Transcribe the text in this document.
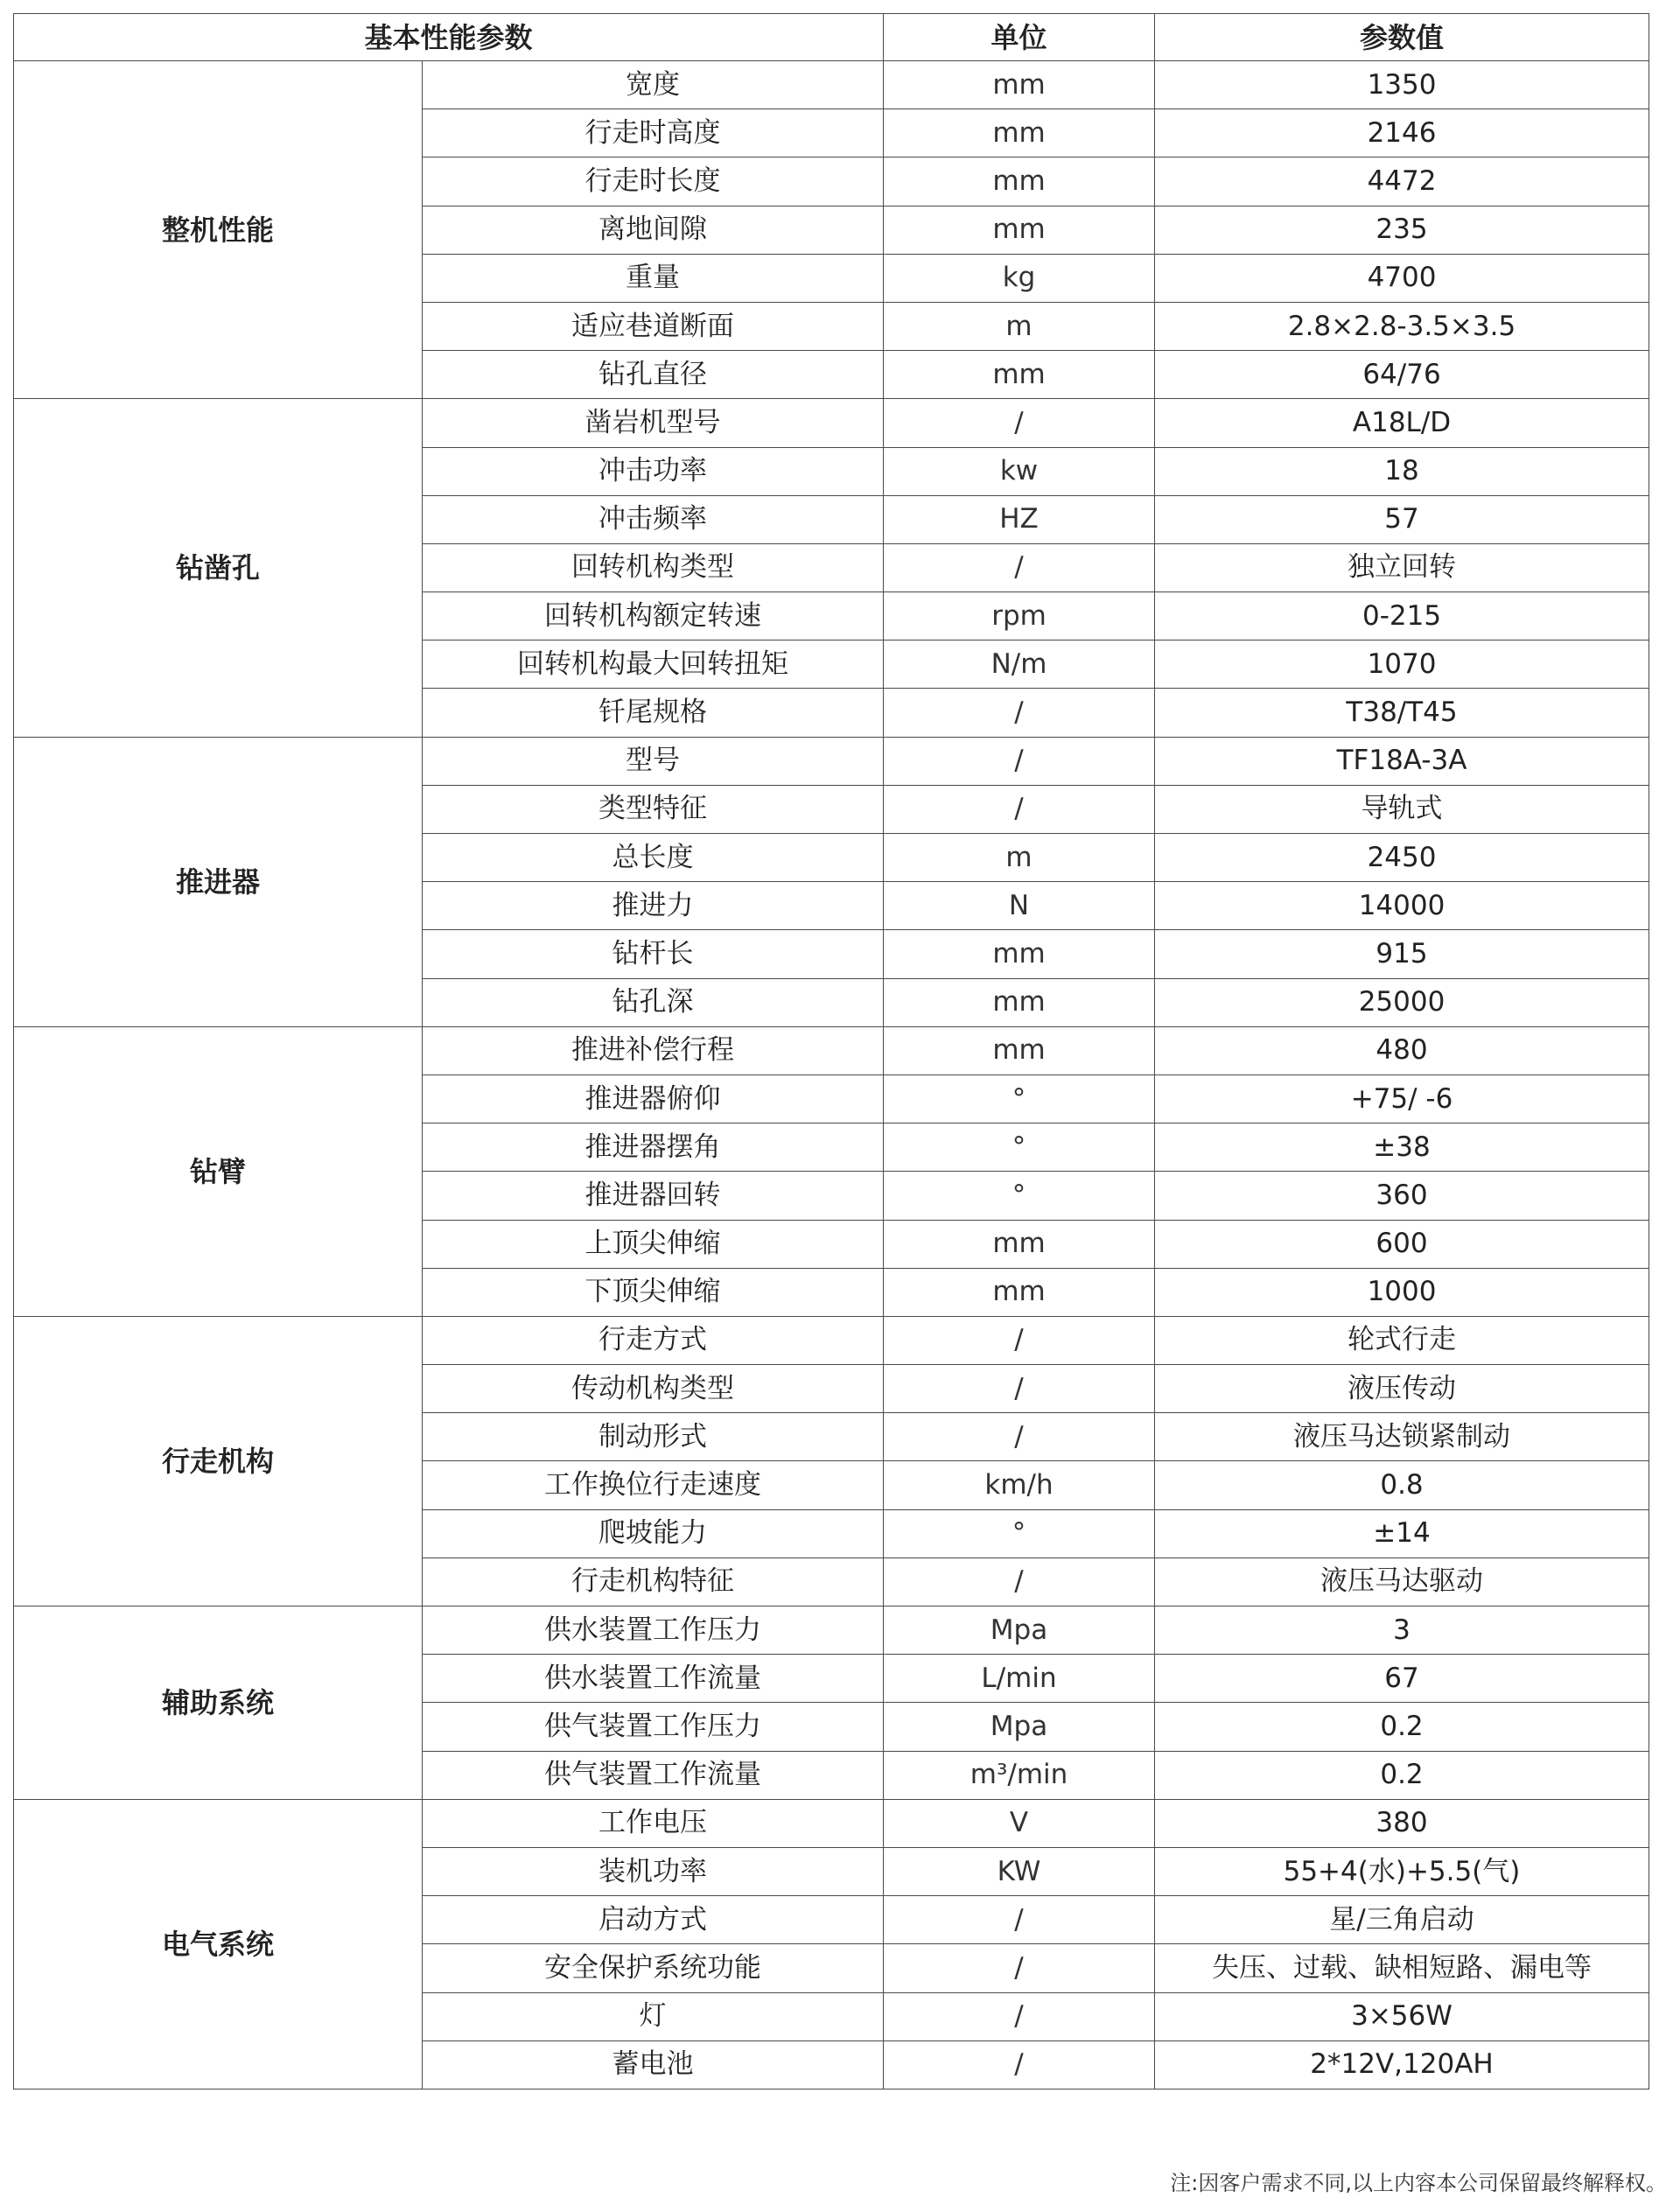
基本性能参数		单位	参数值
整机性能	宽度	mm	1350
	行走时高度	mm	2146
	行走时长度	mm	4472
	离地间隙	mm	235
	重量	kg	4700
	适应巷道断面	m	2.8×2.8-3.5×3.5
	钻孔直径	mm	64/76
钻凿孔	凿岩机型号	/	A18L/D
	冲击功率	kw	18
	冲击频率	HZ	57
	回转机构类型	/	独立回转
	回转机构额定转速	rpm	0-215
	回转机构最大回转扭矩	N/m	1070
	钎尾规格	/	T38/T45
推进器	型号	/	TF18A-3A
	类型特征	/	导轨式
	总长度	m	2450
	推进力	N	14000
	钻杆长	mm	915
	钻孔深	mm	25000
钻臂	推进补偿行程	mm	480
	推进器俯仰	°	+75/ -6
	推进器摆角	°	±38
	推进器回转	°	360
	上顶尖伸缩	mm	600
	下顶尖伸缩	mm	1000
行走机构	行走方式	/	轮式行走
	传动机构类型	/	液压传动
	制动形式	/	液压马达锁紧制动
	工作换位行走速度	km/h	0.8
	爬坡能力	°	±14
	行走机构特征	/	液压马达驱动
辅助系统	供水装置工作压力	Mpa	3
	供水装置工作流量	L/min	67
	供气装置工作压力	Mpa	0.2
	供气装置工作流量	m³/min	0.2
电气系统	工作电压	V	380
	装机功率	KW	55+4(水)+5.5(气)
	启动方式	/	星/三角启动
	安全保护系统功能	/	失压、过载、缺相短路、漏电等
	灯	/	3×56W
	蓄电池	/	2*12V,120AH
注:因客户需求不同,以上内容本公司保留最终解释权。
